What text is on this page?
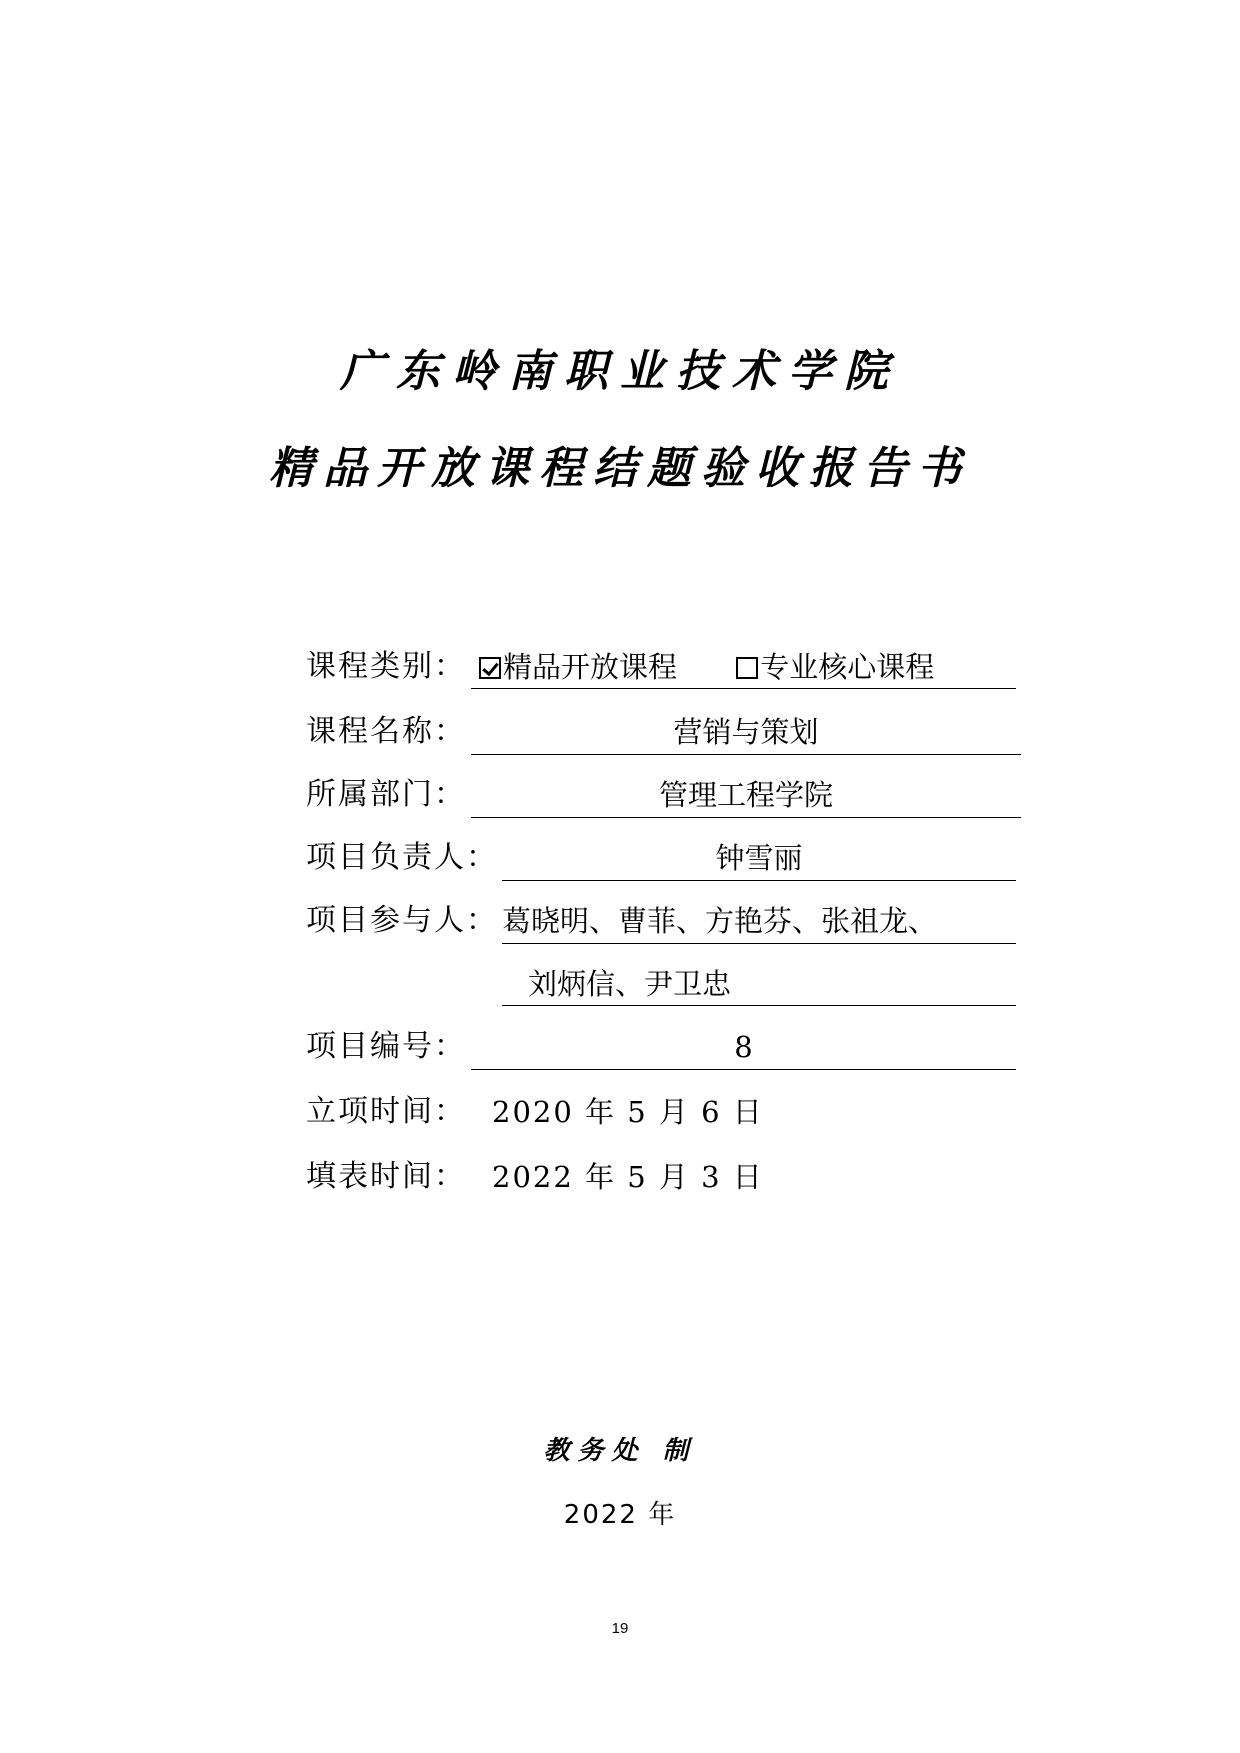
广东岭南职业技术学院
精品开放课程结题验收报告书
课程类别：	精品开放课程	专业核心课程
课程名称：	营销与策划
所属部门：	管理工程学院
项目负责人：	钟雪丽
项目参与人： 葛晓明、曹菲、方艳芬、张祖龙、
刘炳信、尹卫忠
项目编号：	8
立项时间： 2020 年 5 月 6 日
填表时间： 2022 年 5 月 3 日
教务处 制
2022 年
19
